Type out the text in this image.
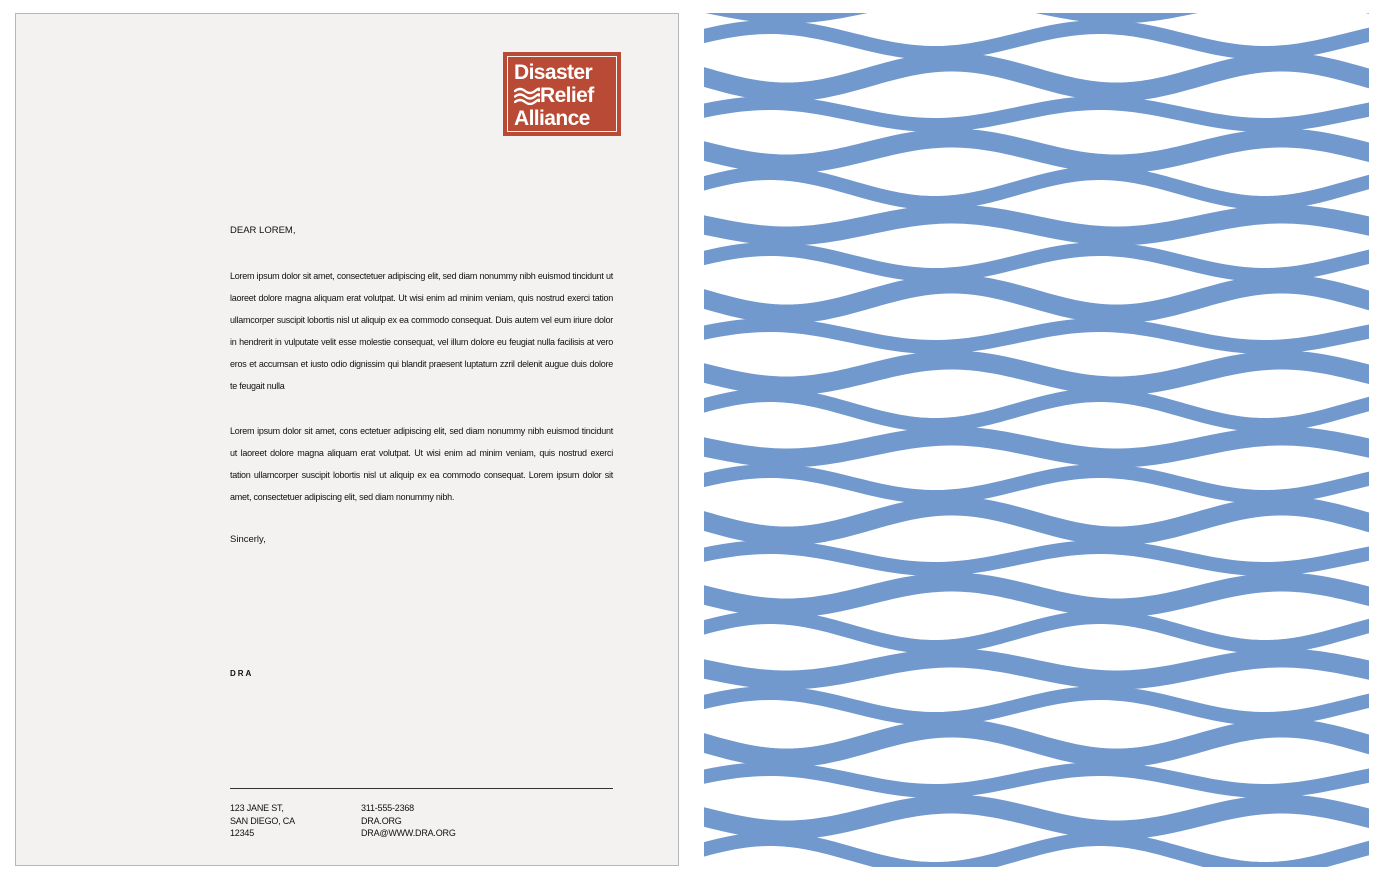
Disaster
Relief
Alliance
DEAR LOREM,

Lorem ipsum dolor sit amet, consectetuer adipiscing elit, sed diam nonummy nibh euismod tincidunt ut laoreet dolore magna aliquam erat volutpat. Ut wisi enim ad minim veniam, quis nostrud exerci tation ullamcorper suscipit lobortis nisl ut aliquip ex ea commodo consequat. Duis autem vel eum iriure dolor in hendrerit in vulputate velit esse molestie consequat, vel illum dolore eu feugiat nulla facilisis at vero eros et accumsan et iusto odio dignissim qui blandit praesent luptatum zzril delenit augue duis dolore te feugait nulla

Lorem ipsum dolor sit amet, cons ectetuer adipiscing elit, sed diam nonummy nibh euismod tincidunt ut laoreet dolore magna aliquam erat volutpat. Ut wisi enim ad minim veniam, quis nostrud exerci tation ullamcorper suscipit lobortis nisl ut aliquip ex ea commodo consequat. Lorem ipsum dolor sit amet, consectetuer adipiscing elit, sed diam nonummy nibh.

Sincerly,
DRA
123 JANE ST,
SAN DIEGO, CA
12345
311-555-2368
DRA.ORG
DRA@WWW.DRA.ORG
